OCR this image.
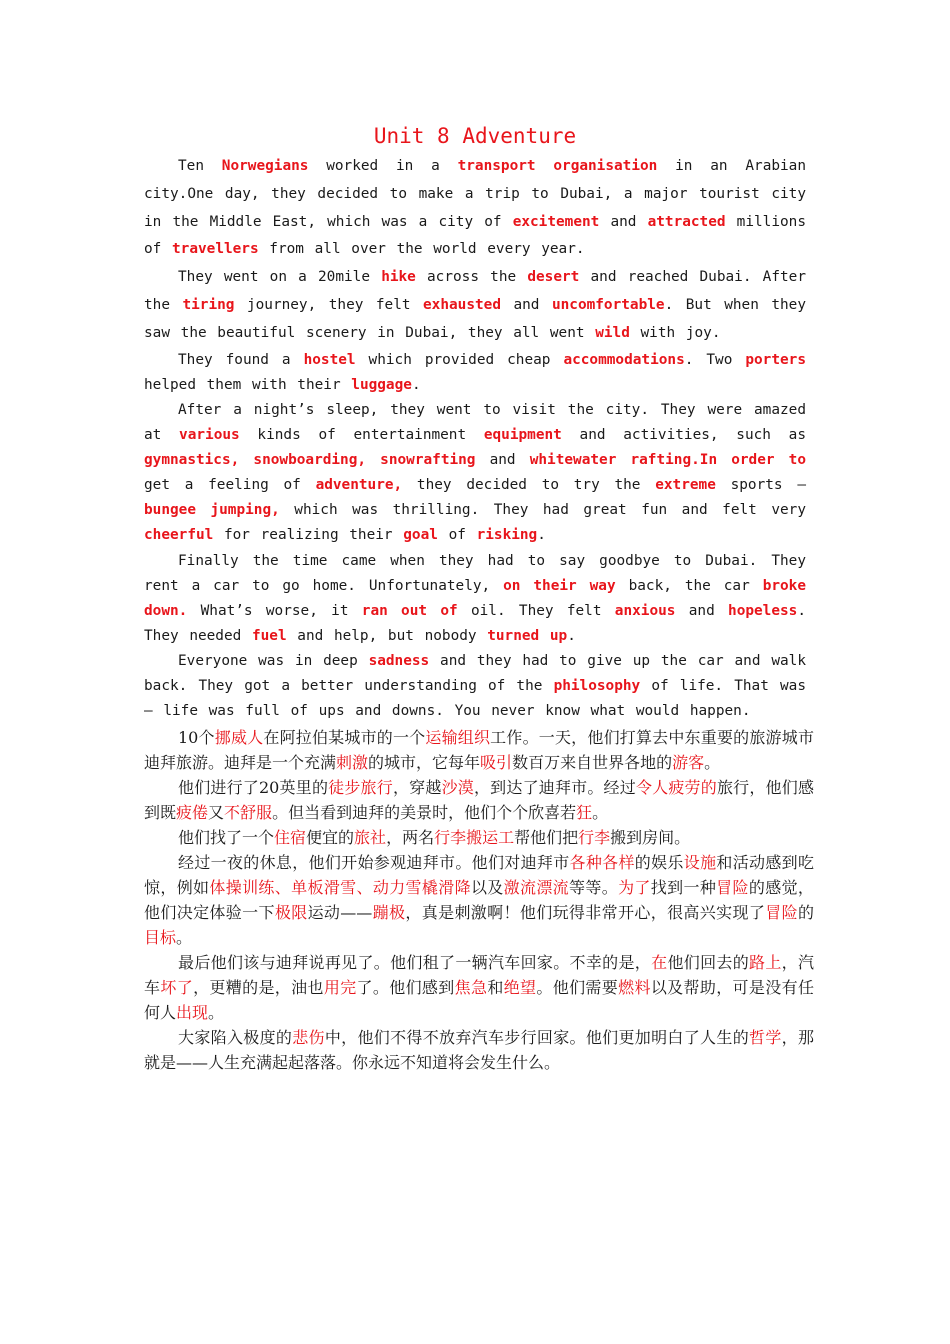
Unit 8 Adventure

Ten Norwegians worked in a transport organisation in an Arabian city.One day, they decided to make a trip to Dubai, a major tourist city in the Middle East, which was a city of excitement and attracted millions of travellers from all over the world every year.

They went on a 20mile hike across the desert and reached Dubai. After the tiring journey, they felt exhausted and uncomfortable. But when they saw the beautiful scenery in Dubai, they all went wild with joy.

They found a hostel which provided cheap accommodations. Two porters helped them with their luggage.

After a night’s sleep, they went to visit the city. They were amazed at various kinds of entertainment equipment and activities, such as gymnastics, snowboarding, snowrafting and whitewater rafting.In order to get a feeling of adventure, they decided to try the extreme sports — bungee jumping, which was thrilling. They had great fun and felt very cheerful for realizing their goal of risking.

Finally the time came when they had to say goodbye to Dubai. They rent a car to go home. Unfortunately, on their way back, the car broke down. What’s worse, it ran out of oil. They felt anxious and hopeless. They needed fuel and help, but nobody turned up.

Everyone was in deep sadness and they had to give up the car and walk back. They got a better understanding of the philosophy of life. That was — life was full of ups and downs. You never know what would happen.

10个挪威人在阿拉伯某城市的一个运输组织工作。一天，他们打算去中东重要的旅游城市迪拜旅游。迪拜是一个充满刺激的城市，它每年吸引数百万来自世界各地的游客。

他们进行了20英里的徒步旅行，穿越沙漠，到达了迪拜市。经过令人疲劳的旅行，他们感到既疲倦又不舒服。但当看到迪拜的美景时，他们个个欣喜若狂。

他们找了一个住宿便宜的旅社，两名行李搬运工帮他们把行李搬到房间。

经过一夜的休息，他们开始参观迪拜市。他们对迪拜市各种各样的娱乐设施和活动感到吃惊，例如体操训练、单板滑雪、动力雪橇滑降以及激流漂流等等。为了找到一种冒险的感觉，他们决定体验一下极限运动——蹦极，真是刺激啊！他们玩得非常开心，很高兴实现了冒险的目标。

最后他们该与迪拜说再见了。他们租了一辆汽车回家。不幸的是，在他们回去的路上，汽车坏了，更糟的是，油也用完了。他们感到焦急和绝望。他们需要燃料以及帮助，可是没有任何人出现。

大家陷入极度的悲伤中，他们不得不放弃汽车步行回家。他们更加明白了人生的哲学，那就是——人生充满起起落落。你永远不知道将会发生什么。
